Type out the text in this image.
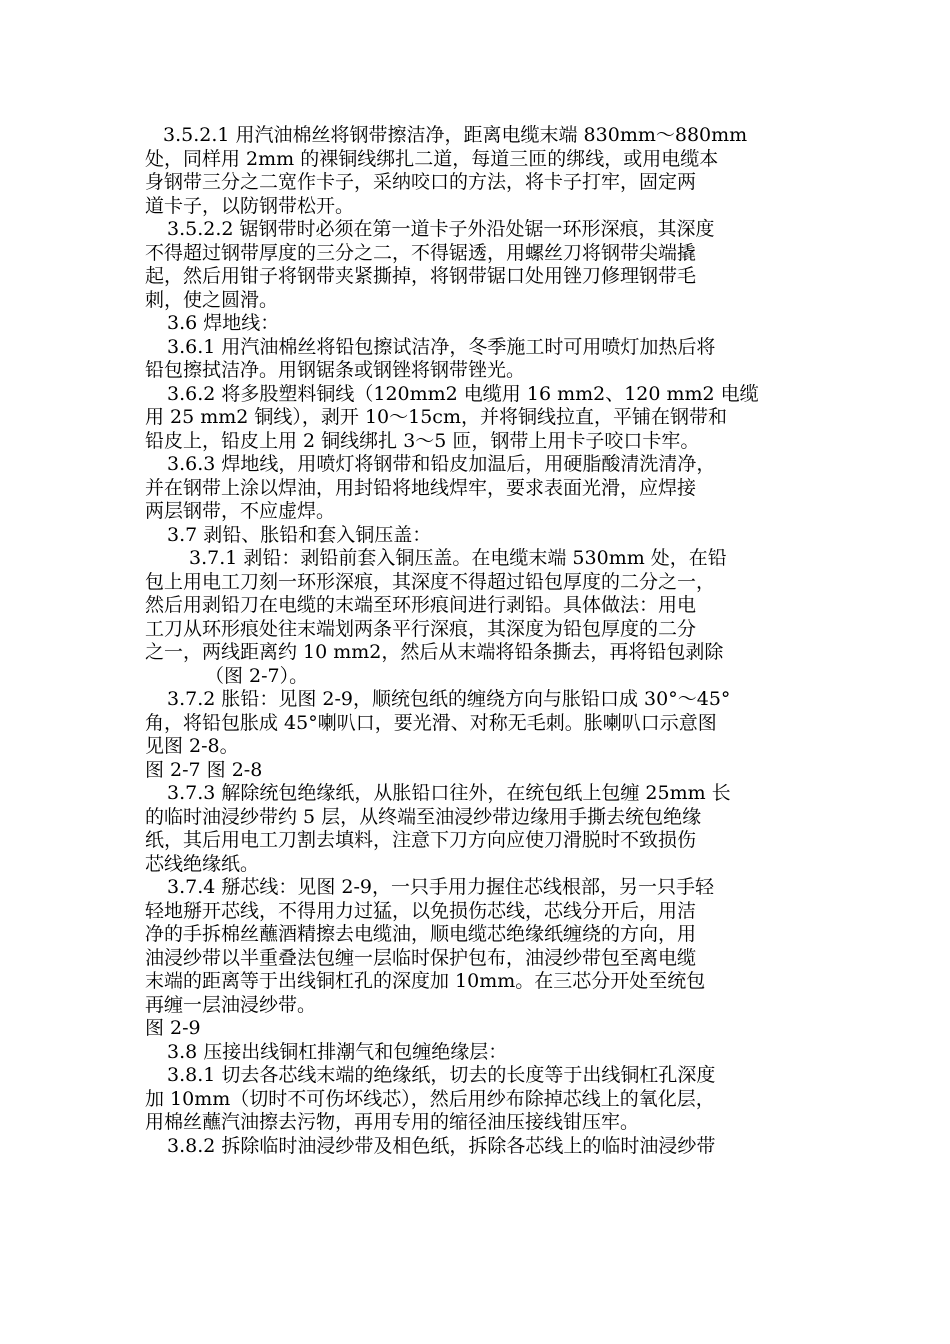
3.5.2.1 用汽油棉丝将钢带擦洁净，距离电缆末端 830mm～880mm
处，同样用 2mm 的裸铜线绑扎二道，每道三匝的绑线，或用电缆本
身钢带三分之二宽作卡子，采纳咬口的方法，将卡子打牢，固定两
道卡子，以防钢带松开。
3.5.2.2 锯钢带时必须在第一道卡子外沿处锯一环形深痕，其深度
不得超过钢带厚度的三分之二，不得锯透，用螺丝刀将钢带尖端撬
起，然后用钳子将钢带夹紧撕掉，将钢带锯口处用锉刀修理钢带毛
刺，使之圆滑。
3.6 焊地线：
3.6.1 用汽油棉丝将铅包擦试洁净，冬季施工时可用喷灯加热后将
铅包擦拭洁净。用钢锯条或钢锉将钢带锉光。
3.6.2 将多股塑料铜线（120mm2 电缆用 16 mm2、120 mm2 电缆
用 25 mm2 铜线），剥开 10～15cm，并将铜线拉直，平铺在钢带和
铅皮上，铅皮上用 2 铜线绑扎 3～5 匝，钢带上用卡子咬口卡牢。
3.6.3 焊地线，用喷灯将钢带和铅皮加温后，用硬脂酸清洗清净，
并在钢带上涂以焊油，用封铅将地线焊牢，要求表面光滑，应焊接
两层钢带，不应虚焊。
3.7 剥铅、胀铅和套入铜压盖：
3.7.1 剥铅：剥铅前套入铜压盖。在电缆末端 530mm 处，在铅
包上用电工刀刻一环形深痕，其深度不得超过铅包厚度的二分之一，
然后用剥铅刀在电缆的末端至环形痕间进行剥铅。具体做法：用电
工刀从环形痕处往末端划两条平行深痕，其深度为铅包厚度的二分
之一，两线距离约 10 mm2，然后从末端将铅条撕去，再将铅包剥除
（图 2-7）。
3.7.2 胀铅：见图 2-9，顺统包纸的缠绕方向与胀铅口成 30°～45°
角，将铅包胀成 45°喇叭口，要光滑、对称无毛刺。胀喇叭口示意图
见图 2-8。
图 2-7 图 2-8
3.7.3 解除统包绝缘纸，从胀铅口往外，在统包纸上包缠 25mm 长
的临时油浸纱带约 5 层，从终端至油浸纱带边缘用手撕去统包绝缘
纸，其后用电工刀割去填料，注意下刀方向应使刀滑脱时不致损伤
芯线绝缘纸。
3.7.4 掰芯线：见图 2-9，一只手用力握住芯线根部，另一只手轻
轻地掰开芯线，不得用力过猛，以免损伤芯线，芯线分开后，用洁
净的手拆棉丝蘸酒精擦去电缆油，顺电缆芯绝缘纸缠绕的方向，用
油浸纱带以半重叠法包缠一层临时保护包布，油浸纱带包至离电缆
末端的距离等于出线铜杠孔的深度加 10mm。在三芯分开处至统包
再缠一层油浸纱带。
图 2-9
3.8 压接出线铜杠排潮气和包缠绝缘层：
3.8.1 切去各芯线末端的绝缘纸，切去的长度等于出线铜杠孔深度
加 10mm（切时不可伤坏线芯），然后用纱布除掉芯线上的氧化层，
用棉丝蘸汽油擦去污物，再用专用的缩径油压接线钳压牢。
3.8.2 拆除临时油浸纱带及相色纸，拆除各芯线上的临时油浸纱带
